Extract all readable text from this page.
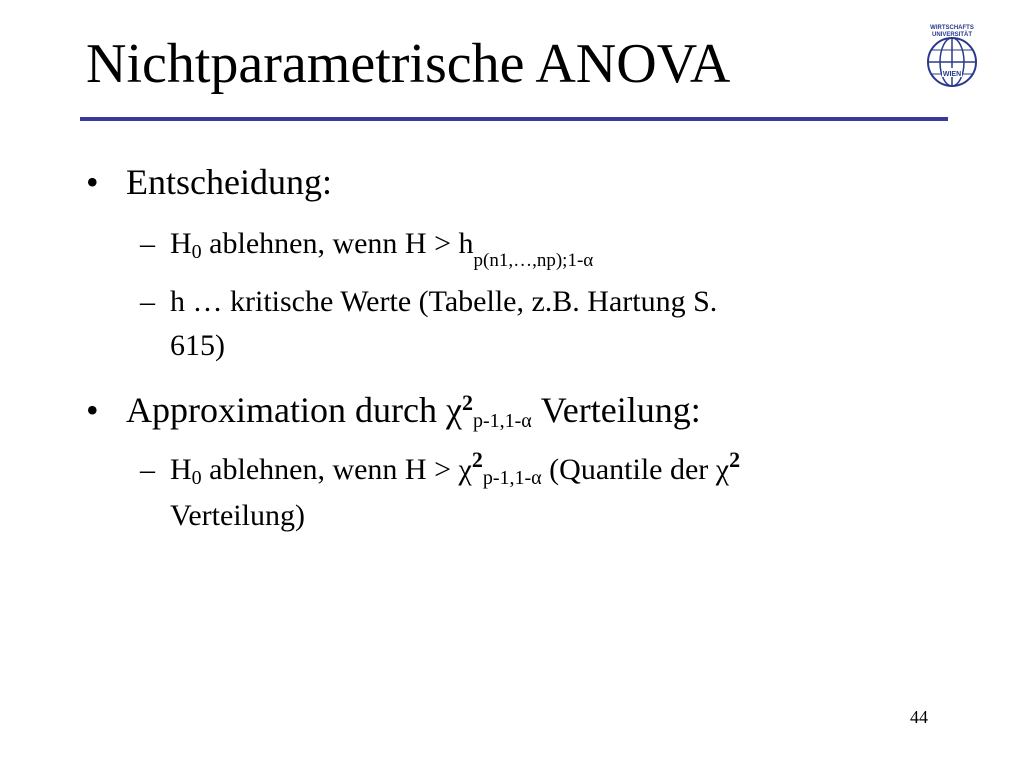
Nichtparametrische ANOVA
WIRTSCHAFTS
UNIVERSITÄT
WIEN
• Entscheidung:
– $H_0$ ablehnen, wenn $H > h_{p(n1,\dots,np);1-\alpha}$
– h … kritische Werte (Tabelle, z.B. Hartung S.
615)
• Approximation durch $\chi^2_{p-1,1-\alpha}$ Verteilung:
– $H_0$ ablehnen, wenn $H > \chi^2_{p-1,1-\alpha}$ (Quantile der $\chi^2$
Verteilung)
44
